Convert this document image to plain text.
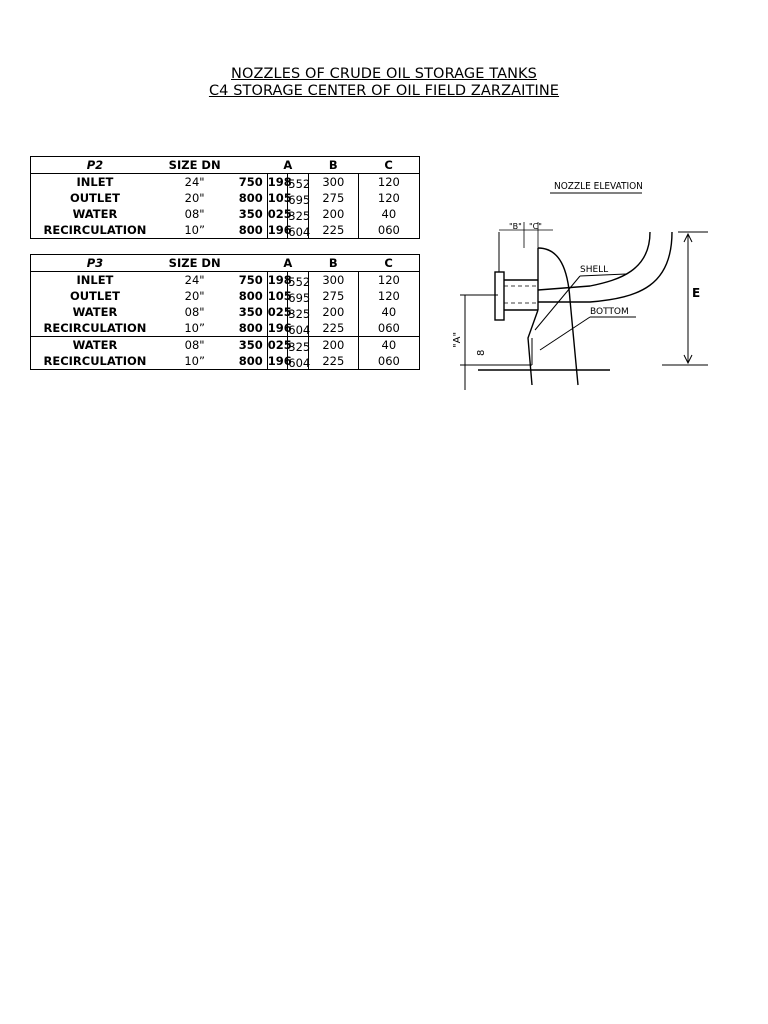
NOZZLES OF CRUDE OIL STORAGE TANKS
C4 STORAGE CENTER OF OIL FIELD ZARZAITINE
P2	SIZE DN		A		B	C
INLET	24"	750	198	552	300	120
OUTLET	20"	800	105	695	275	120
WATER	08"	350	025	325	200	40
RECIRCULATION	10”	800	196	604	225	060
P3	SIZE DN		A		B	C
INLET	24"	750	198	552	300	120
OUTLET	20"	800	105	695	275	120
WATER	08"	350	025	325	200	40
RECIRCULATION	10”	800	196	604	225	060
WATER	08"	350	025	325	200	40
RECIRCULATION	10”	800	196	604	225	060
NOZZLE ELEVATION
"B" "C"
SHELL
BOTTOM
E
"A"
8
